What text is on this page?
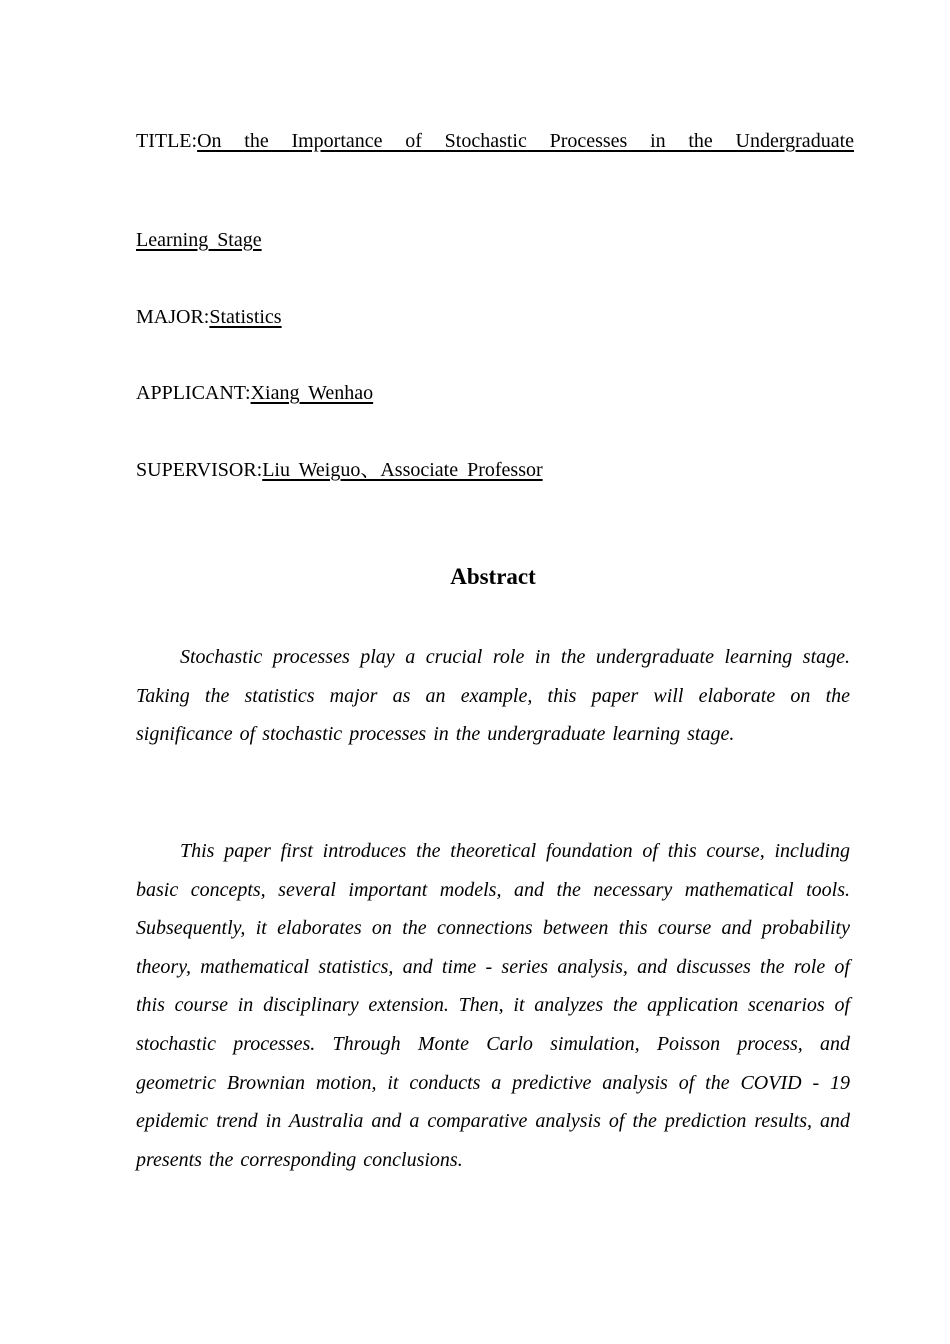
TITLE:On the Importance of Stochastic Processes in the Undergraduate
Learning Stage
MAJOR:Statistics
APPLICANT:Xiang Wenhao
SUPERVISOR:Liu Weiguo、Associate Professor
Abstract

Stochastic processes play a crucial role in the undergraduate learning stage. Taking the statistics major as an example, this paper will elaborate on the significance of stochastic processes in the undergraduate learning stage.

This paper first introduces the theoretical foundation of this course, including basic concepts, several important models, and the necessary mathematical tools. Subsequently, it elaborates on the connections between this course and probability theory, mathematical statistics, and time - series analysis, and discusses the role of this course in disciplinary extension. Then, it analyzes the application scenarios of stochastic processes. Through Monte Carlo simulation, Poisson process, and geometric Brownian motion, it conducts a predictive analysis of the COVID - 19 epidemic trend in Australia and a comparative analysis of the prediction results, and presents the corresponding conclusions.
